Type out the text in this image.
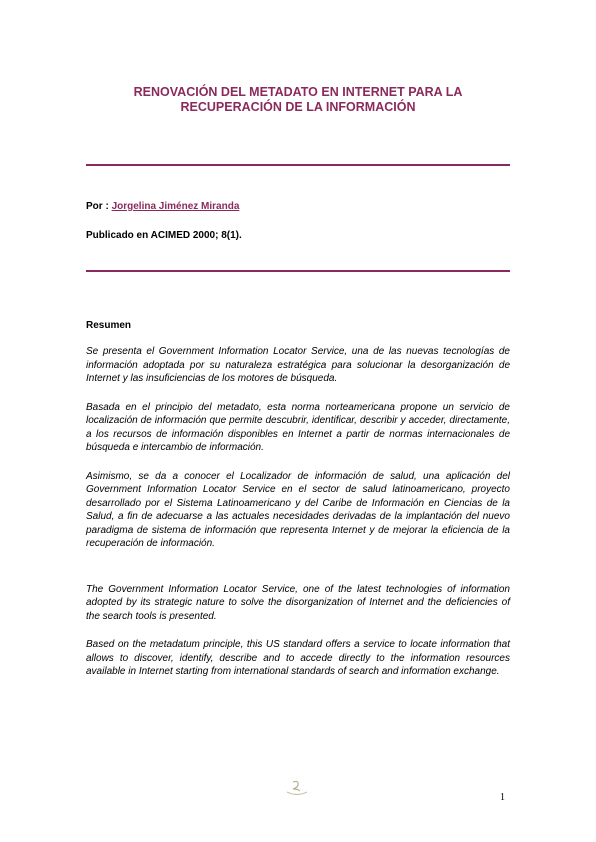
RENOVACIÓN DEL METADATO EN INTERNET PARA LA
RECUPERACIÓN DE LA INFORMACIÓN
Por : Jorgelina Jiménez Miranda
Publicado en ACIMED 2000; 8(1).
Resumen

Se presenta el Government Information Locator Service, una de las nuevas tecnologías de información adoptada por su naturaleza estratégica para solucionar la desorganización de Internet y las insuficiencias de los motores de búsqueda.

Basada en el principio del metadato, esta norma norteamericana propone un servicio de localización de información que permite descubrir, identificar, describir y acceder, directamente, a los recursos de información disponibles en Internet a partir de normas internacionales de búsqueda e intercambio de información.

Asimismo, se da a conocer el Localizador de información de salud, una aplicación del Government Information Locator Service en el sector de salud latinoamericano, proyecto desarrollado por el Sistema Latinoamericano y del Caribe de Información en Ciencias de la Salud, a fin de adecuarse a las actuales necesidades derivadas de la implantación del nuevo paradigma de sistema de información que representa Internet y de mejorar la eficiencia de la recuperación de información.

The Government Information Locator Service, one of the latest technologies of information adopted by its strategic nature to solve the disorganization of Internet and the deficiencies of the search tools is presented.

Based on the metadatum principle, this US standard offers a service to locate information that allows to discover, identify, describe and to accede directly to the information resources available in Internet starting from international standards of search and information exchange.

1
